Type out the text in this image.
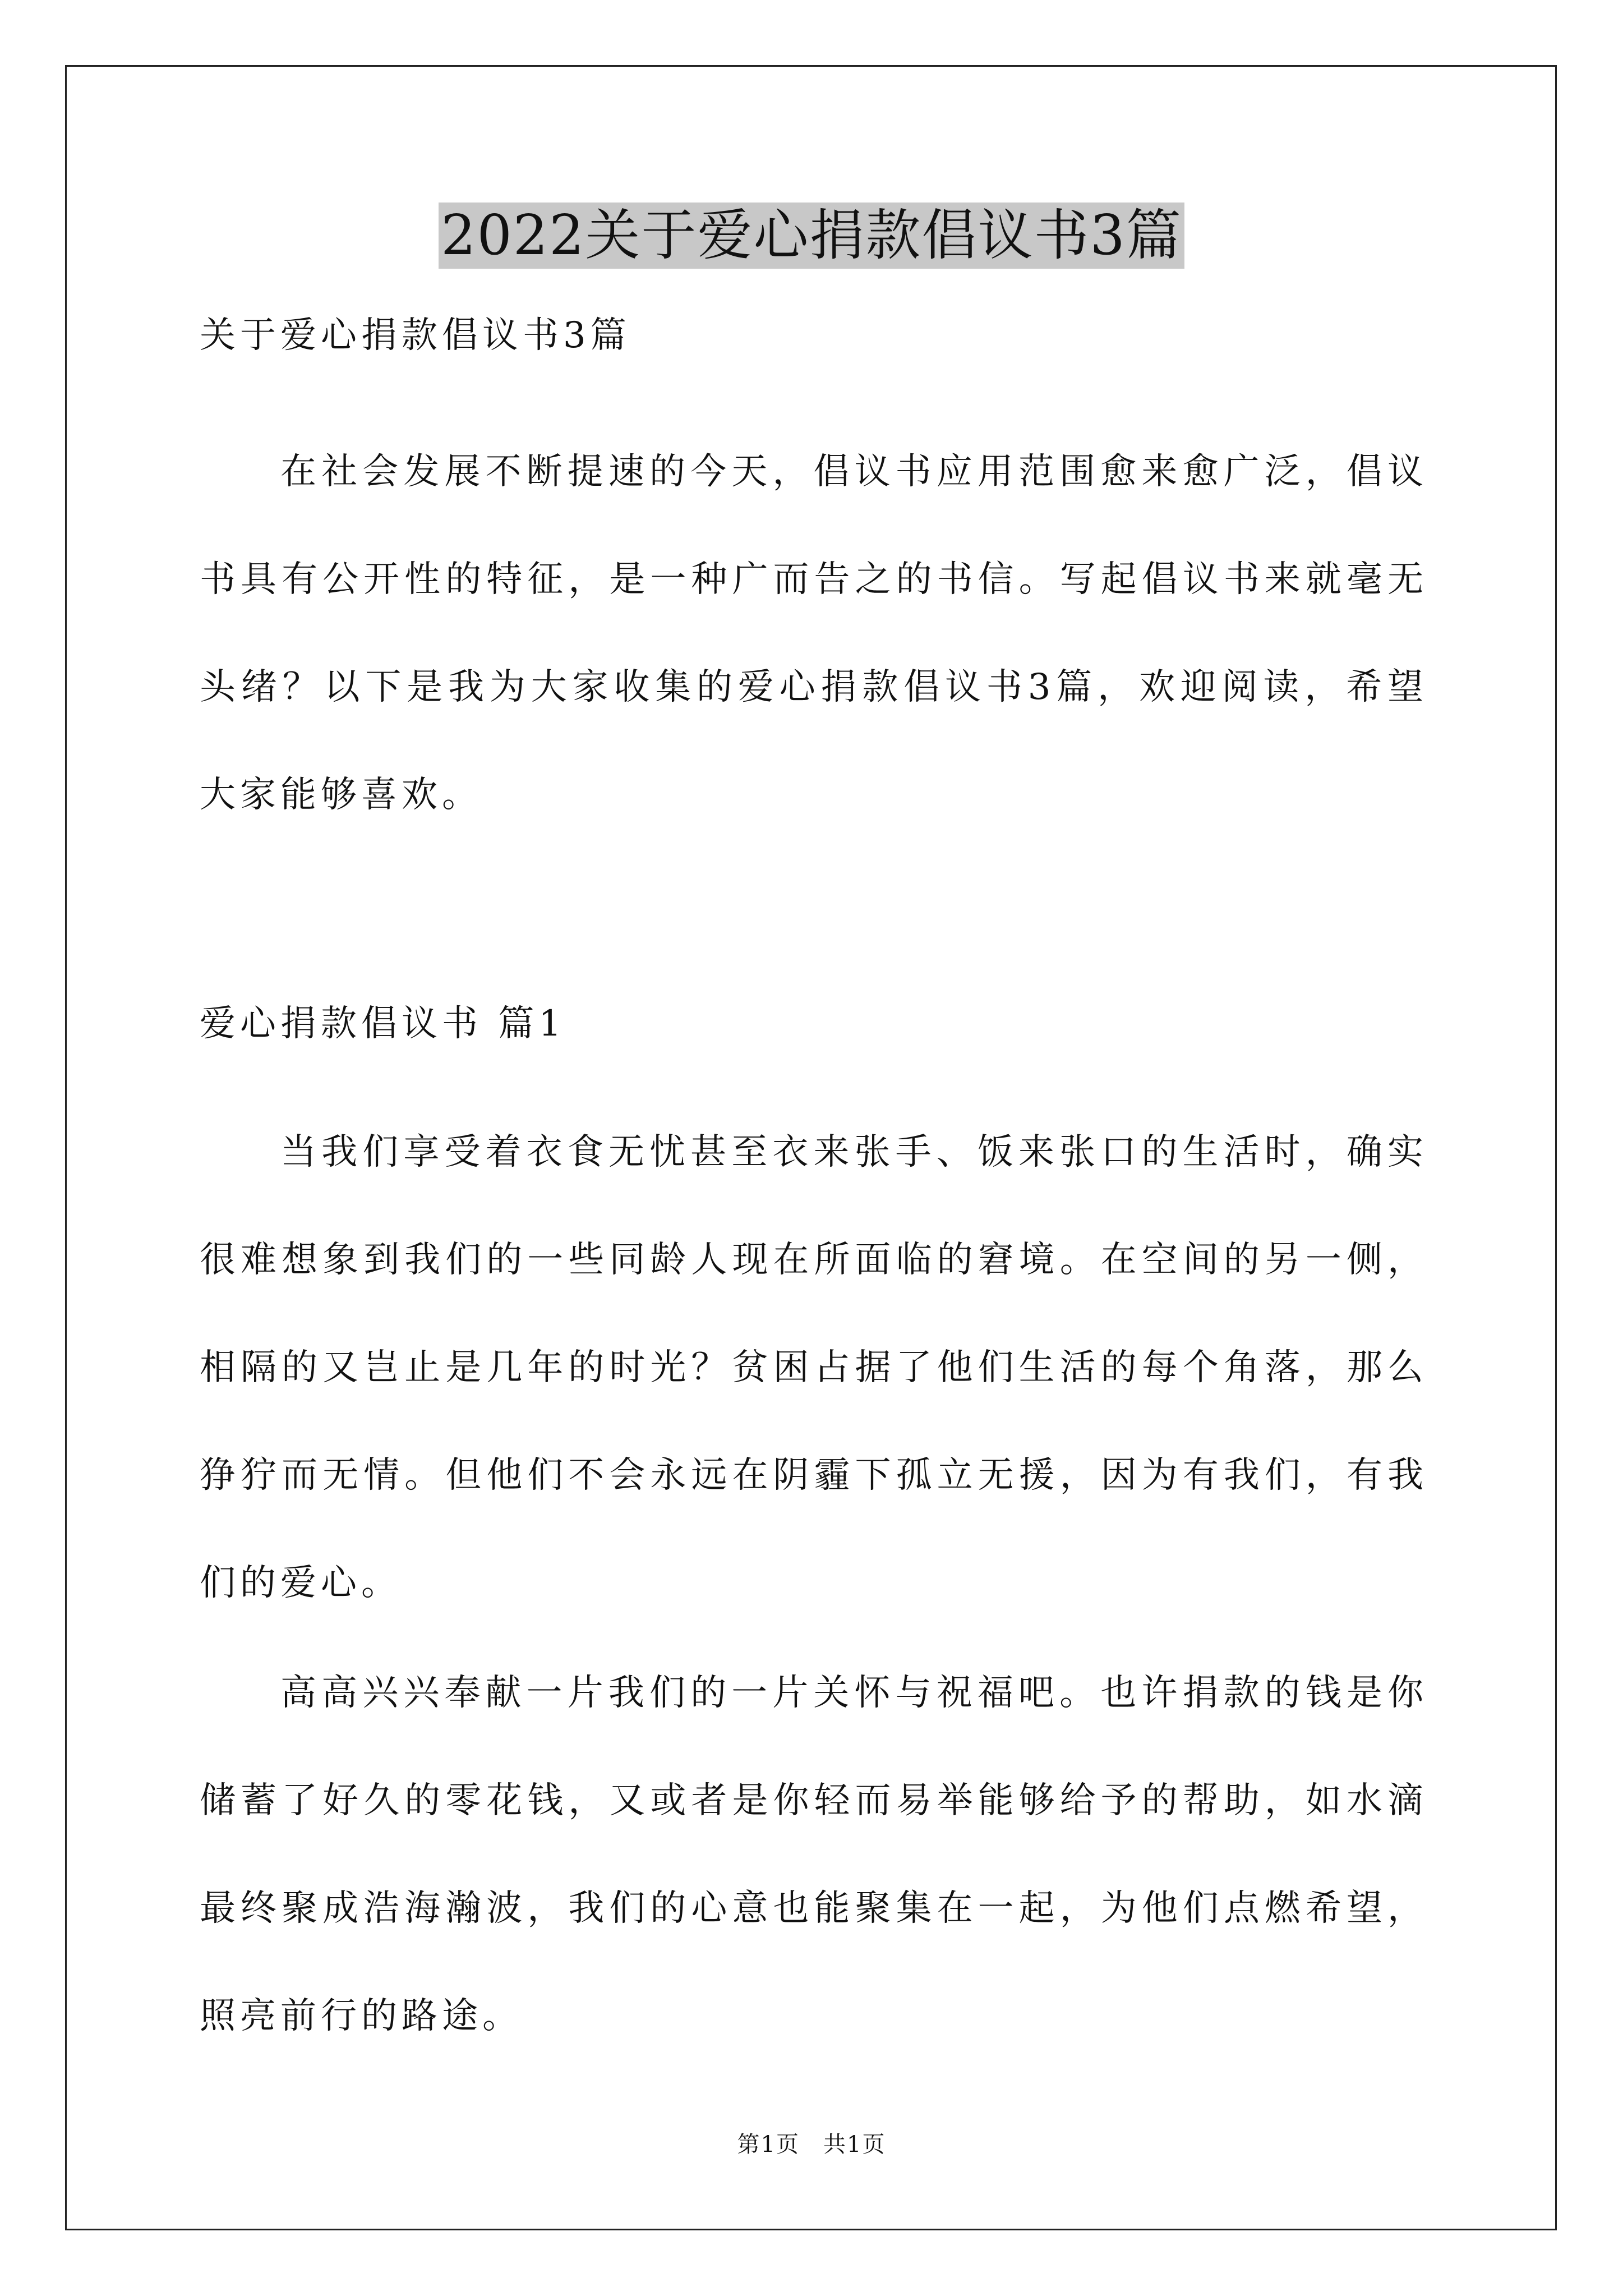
2022关于爱心捐款倡议书3篇
关于爱心捐款倡议书3篇

在社会发展不断提速的今天，倡议书应用范围愈来愈广泛，倡议书具有公开性的特征，是一种广而告之的书信。写起倡议书来就毫无头绪？以下是我为大家收集的爱心捐款倡议书3篇，欢迎阅读，希望大家能够喜欢。

爱心捐款倡议书 篇1

当我们享受着衣食无忧甚至衣来张手、饭来张口的生活时，确实很难想象到我们的一些同龄人现在所面临的窘境。在空间的另一侧，相隔的又岂止是几年的时光？贫困占据了他们生活的每个角落，那么狰狞而无情。但他们不会永远在阴霾下孤立无援，因为有我们，有我们的爱心。

高高兴兴奉献一片我们的一片关怀与祝福吧。也许捐款的钱是你储蓄了好久的零花钱，又或者是你轻而易举能够给予的帮助，如水滴最终聚成浩海瀚波，我们的心意也能聚集在一起，为他们点燃希望，照亮前行的路途。

第1页　共1页
